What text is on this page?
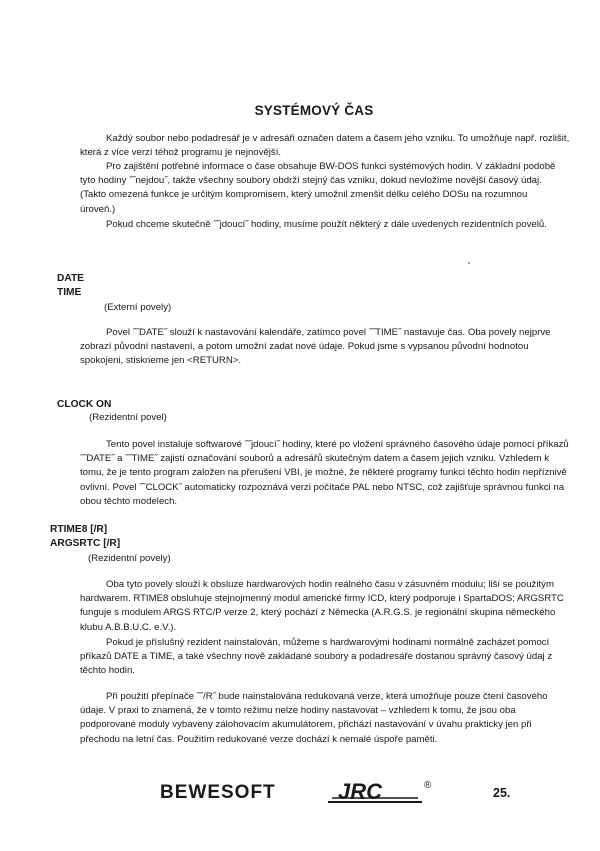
SYSTÉMOVÝ ČAS

Každý soubor nebo podadresář je v adresáři označen datem a časem jeho vzniku. To umožňuje např. rozlišit, která z více verzí téhož programu je nejnovější.

Pro zajištění potřebné informace o čase obsahuje BW-DOS funkci systémových hodin. V základní podobě tyto hodiny ˝˝nejdou˝, takže všechny soubory obdrží stejný čas vzniku, dokud nevložíme novější časový údaj. (Takto omezená funkce je určitým kompromisem, který umožnil zmenšit délku celého DOSu na rozumnou úroveň.)

Pokud chceme skutečně ˝˝jdoucí˝ hodiny, musíme použít některý z dále uvedených rezidentních povelů.

DATE

TIME

(Externí povely)

Povel ˝˝DATE˝ slouží k nastavování kalendáře, zatímco povel ˝˝TIME˝ nastavuje čas. Oba povely nejprve zobrazí původní nastavení, a potom umožní zadat nové údaje. Pokud jsme s vypsanou původní hodnotou spokojeni, stiskneme jen <RETURN>.

CLOCK ON

(Rezidentní povel)

Tento povel instaluje softwarové ˝˝jdoucí˝ hodiny, které po vložení správného časového údaje pomocí příkazů ˝˝DATE˝ a ˝˝TIME˝ zajistí označování souborů a adresářů skutečným datem a časem jejich vzniku. Vzhledem k tomu, že je tento program založen na přerušení VBI, je možné, že některé programy funkci těchto hodin nepříznivě ovlivní. Povel ˝˝CLOCK˝ automaticky rozpoznává verzi počítače PAL nebo NTSC, což zajišťuje správnou funkci na obou těchto modelech.

RTIME8 [/R]

ARGSRTC [/R]

(Rezidentní povely)

Oba tyto povely slouží k obsluze hardwarových hodin reálného času v zásuvném modulu; liší se použitým hardwarem. RTIME8 obsluhuje stejnojmenný modul americké firmy ICD, který podporuje i SpartaDOS; ARGSRTC funguje s modulem ARGS RTC/P verze 2, který pochází z Německa (A.R.G.S. je regionální skupina německého klubu A.B.B.U.C. e.V.).

Pokud je příslušný rezident nainstalován, můžeme s hardwarovými hodinami normálně zacházet pomocí příkazů DATE a TIME, a také všechny nově zakládané soubory a podadresáře dostanou správný časový údaj z těchto hodin.

Při použití přepínače ˝˝/R˝ bude nainstalována redukovaná verze, která umožňuje pouze čtení časového údaje. V praxi to znamená, že v tomto režimu nelze hodiny nastavovat – vzhledem k tomu, že jsou oba podporované moduly vybaveny zálohovacím akumulátorem, přichází nastavování v úvahu prakticky jen při přechodu na letní čas. Použitím redukované verze dochází k nemalé úspoře paměti.

BEWESOFT	JRC	®
25.
